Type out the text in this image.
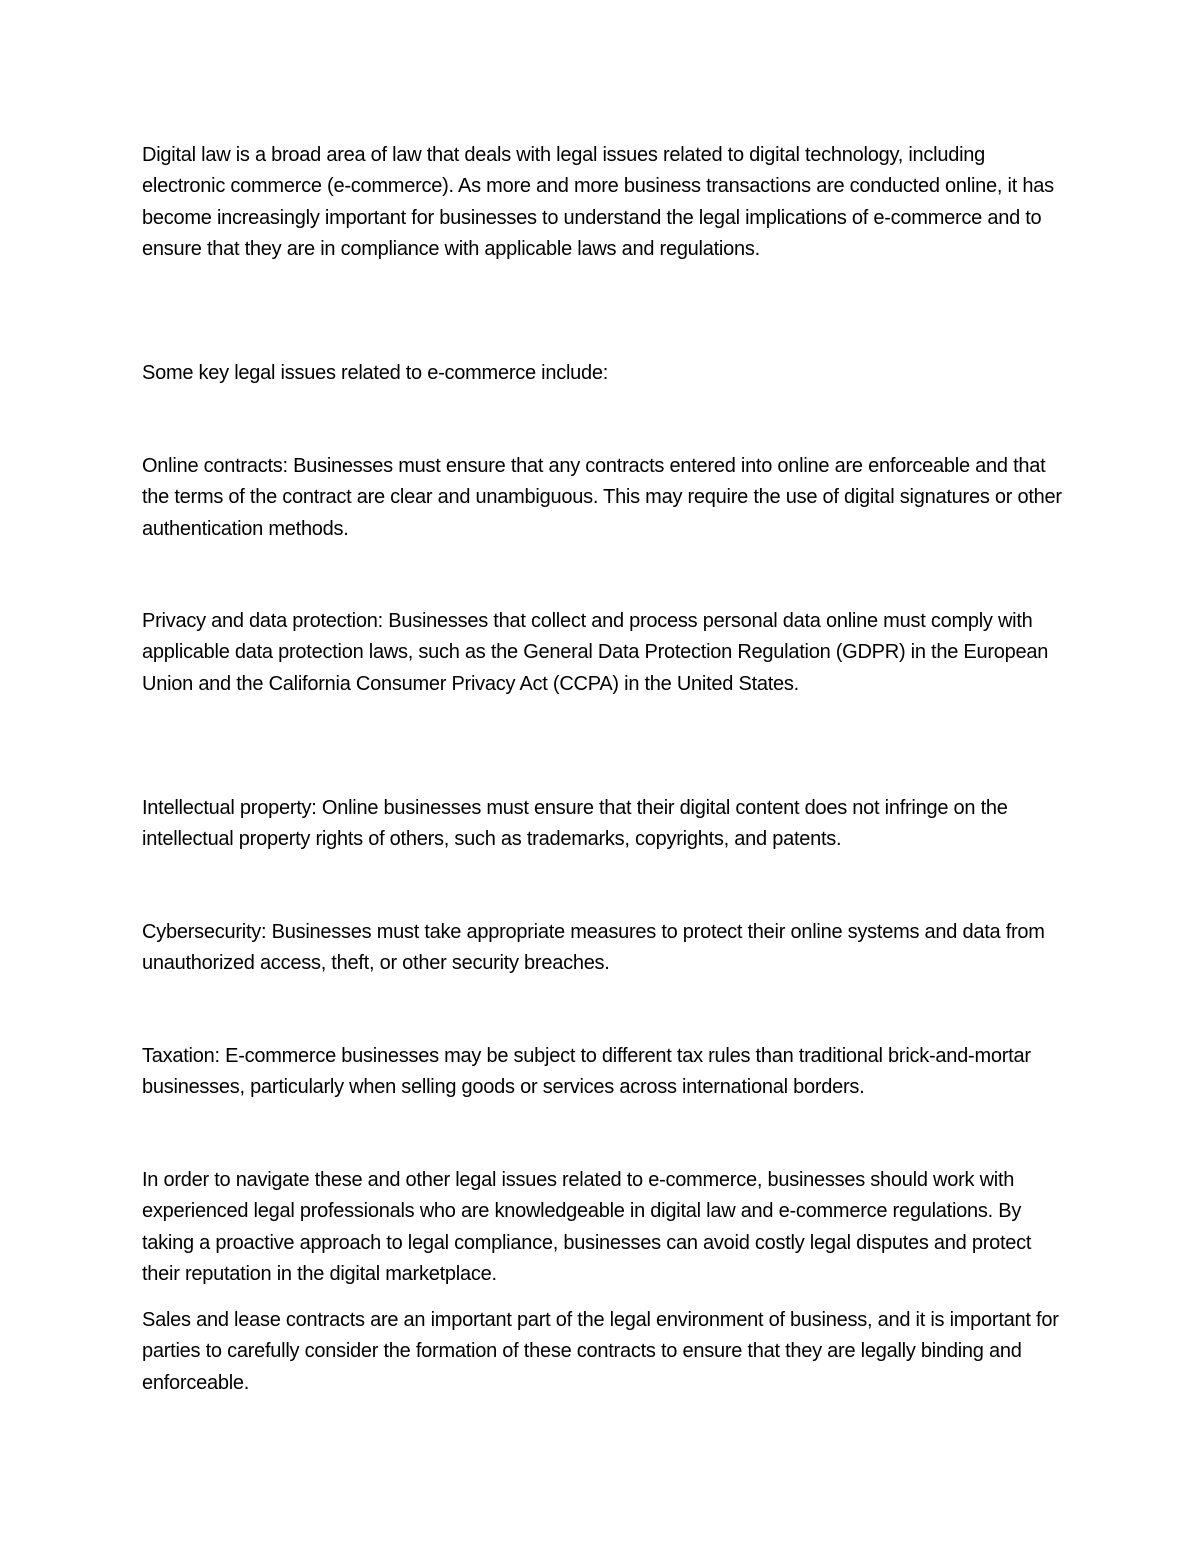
Digital law is a broad area of law that deals with legal issues related to digital technology, including electronic commerce (e-commerce). As more and more business transactions are conducted online, it has become increasingly important for businesses to understand the legal implications of e-commerce and to ensure that they are in compliance with applicable laws and regulations.

Some key legal issues related to e-commerce include:

Online contracts: Businesses must ensure that any contracts entered into online are enforceable and that the terms of the contract are clear and unambiguous. This may require the use of digital signatures or other authentication methods.

Privacy and data protection: Businesses that collect and process personal data online must comply with applicable data protection laws, such as the General Data Protection Regulation (GDPR) in the European Union and the California Consumer Privacy Act (CCPA) in the United States.

Intellectual property: Online businesses must ensure that their digital content does not infringe on the intellectual property rights of others, such as trademarks, copyrights, and patents.

Cybersecurity: Businesses must take appropriate measures to protect their online systems and data from unauthorized access, theft, or other security breaches.

Taxation: E-commerce businesses may be subject to different tax rules than traditional brick-and-mortar businesses, particularly when selling goods or services across international borders.

In order to navigate these and other legal issues related to e-commerce, businesses should work with experienced legal professionals who are knowledgeable in digital law and e-commerce regulations. By taking a proactive approach to legal compliance, businesses can avoid costly legal disputes and protect their reputation in the digital marketplace.

Sales and lease contracts are an important part of the legal environment of business, and it is important for parties to carefully consider the formation of these contracts to ensure that they are legally binding and enforceable.
